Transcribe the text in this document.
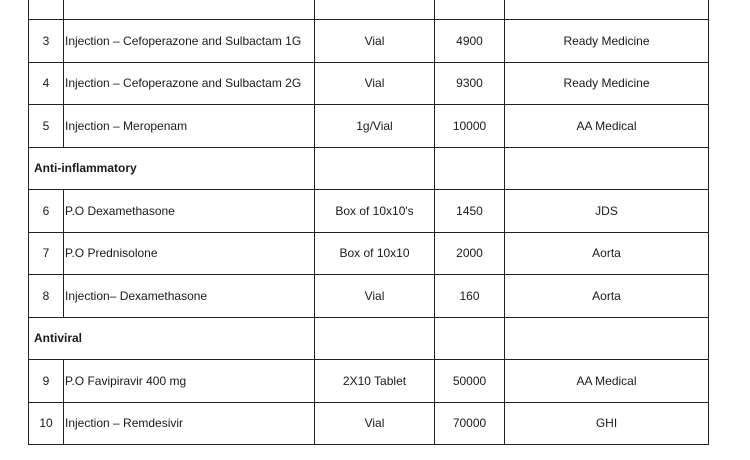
3	Injection – Cefoperazone and Sulbactam 1G	Vial	4900	Ready Medicine
4	Injection – Cefoperazone and Sulbactam 2G	Vial	9300	Ready Medicine
5	Injection – Meropenam	1g/Vial	10000	AA Medical
Anti-inflammatory				
6	P.O Dexamethasone	Box of 10x10's	1450	JDS
7	P.O Prednisolone	Box of 10x10	2000	Aorta
8	Injection– Dexamethasone	Vial	160	Aorta
Antiviral				
9	P.O Favipiravir 400 mg	2X10 Tablet	50000	AA Medical
10	Injection – Remdesivir	Vial	70000	GHI
